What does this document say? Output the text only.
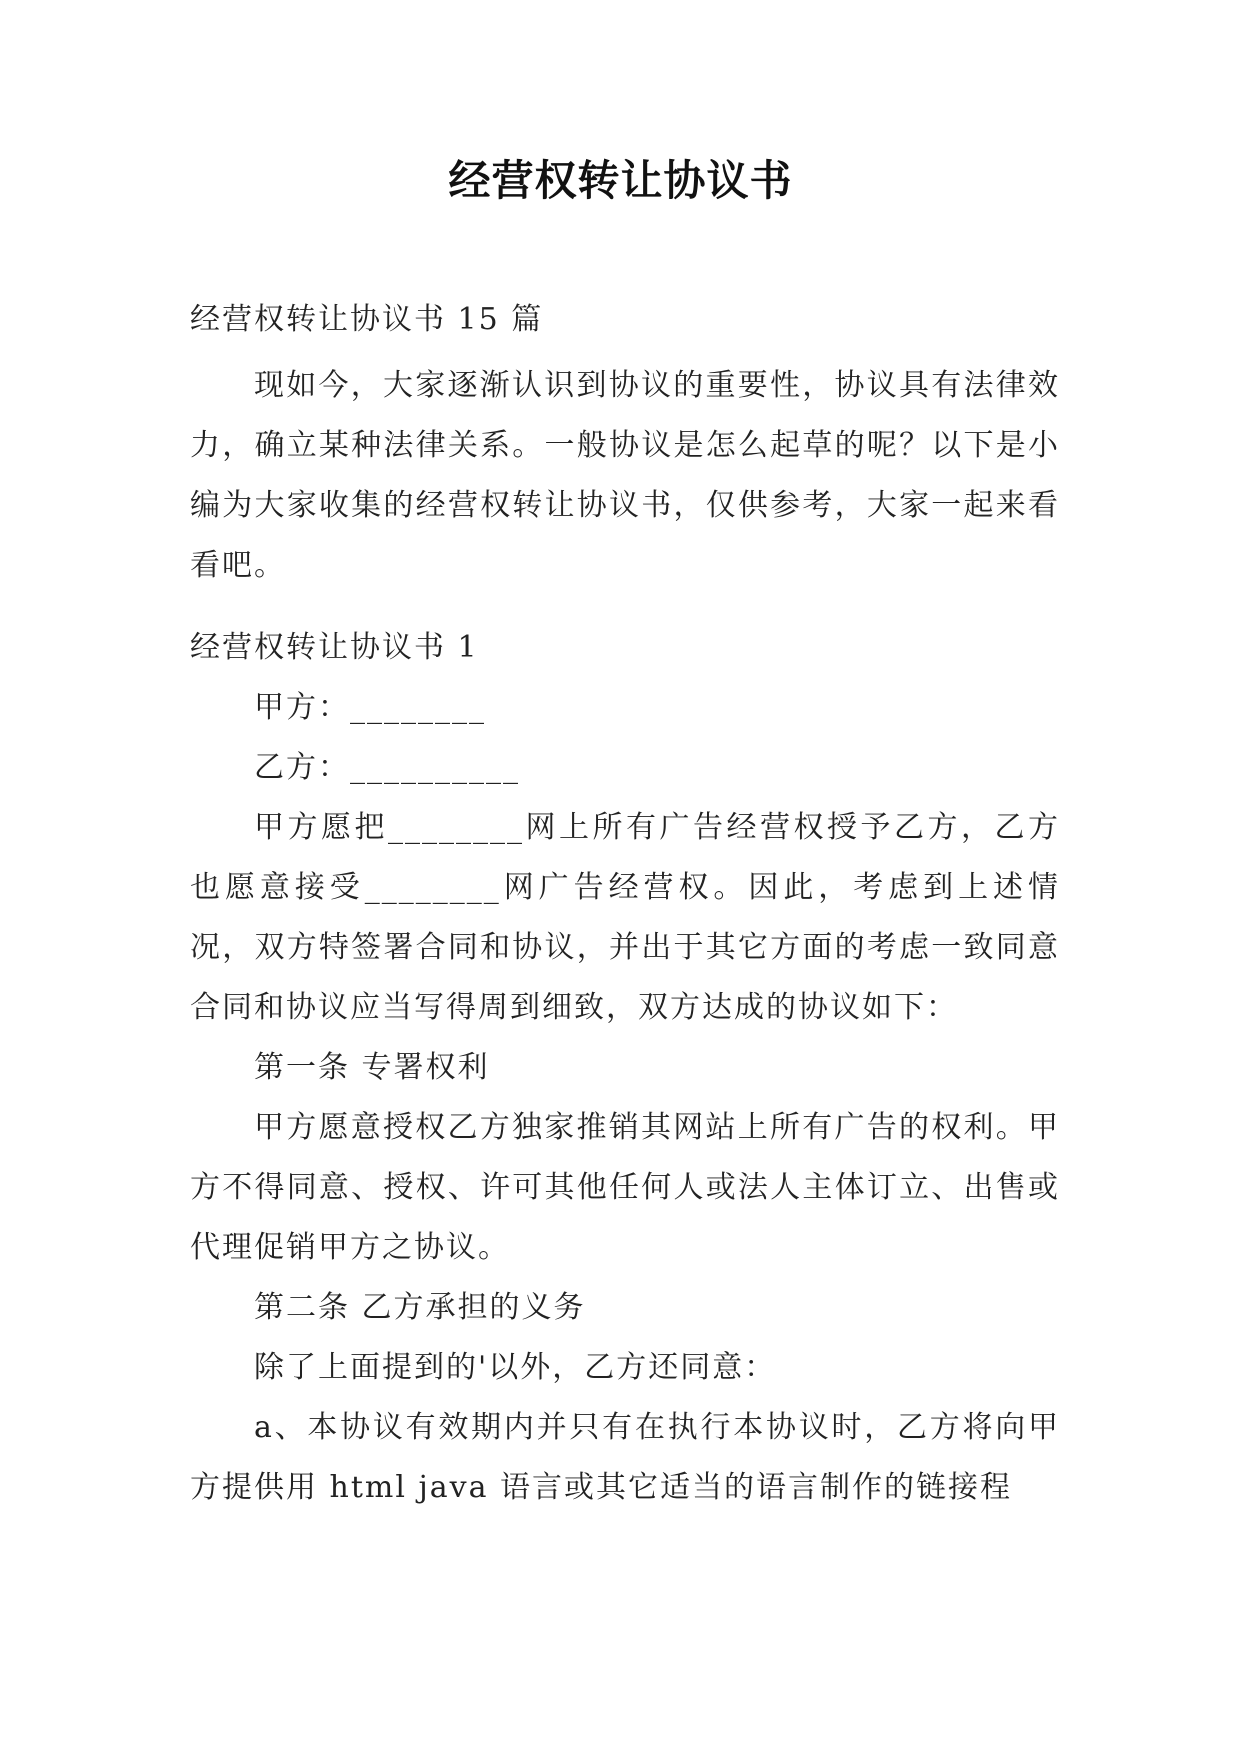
经营权转让协议书
经营权转让协议书 15 篇

现如今，大家逐渐认识到协议的重要性，协议具有法律效力，确立某种法律关系。一般协议是怎么起草的呢？以下是小编为大家收集的经营权转让协议书，仅供参考，大家一起来看看吧。

经营权转让协议书 1

甲方：________

乙方：__________

甲方愿把________网上所有广告经营权授予乙方，乙方也愿意接受________网广告经营权。因此，考虑到上述情况，双方特签署合同和协议，并出于其它方面的考虑一致同意合同和协议应当写得周到细致，双方达成的协议如下：

第一条 专署权利

甲方愿意授权乙方独家推销其网站上所有广告的权利。甲方不得同意、授权、许可其他任何人或法人主体订立、出售或代理促销甲方之协议。

第二条 乙方承担的义务

除了上面提到的'以外，乙方还同意：

a、本协议有效期内并只有在执行本协议时，乙方将向甲方提供用 html java 语言或其它适当的语言制作的链接程
